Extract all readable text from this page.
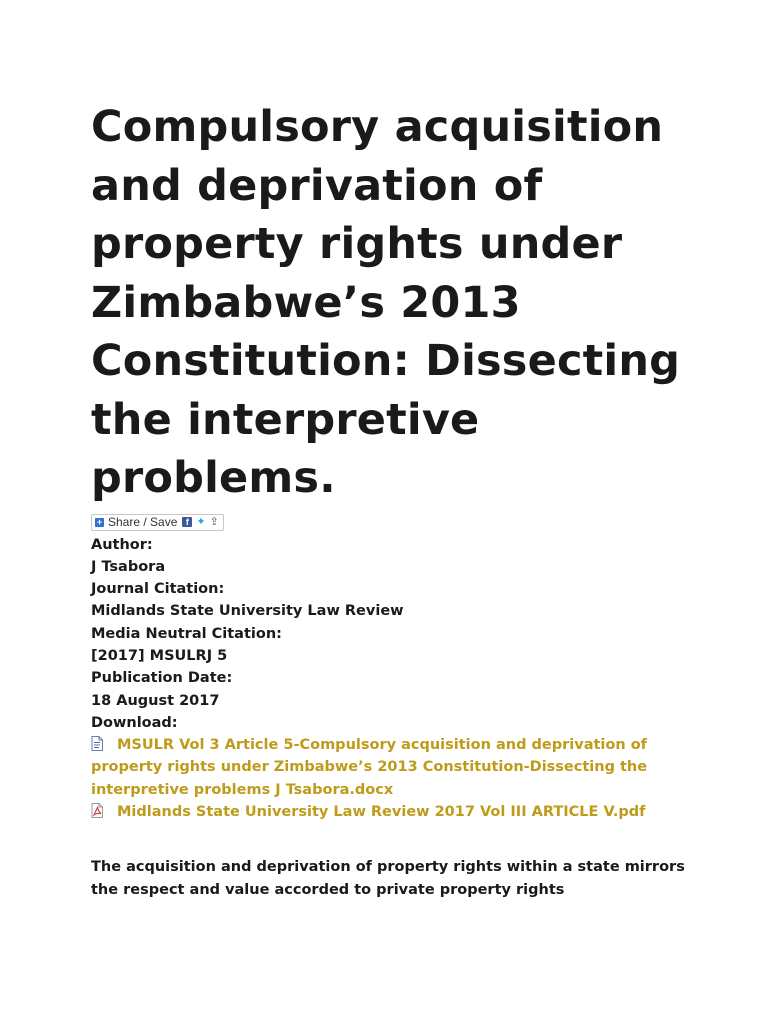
Compulsory acquisition and deprivation of property rights under Zimbabwe’s 2013 Constitution: Dissecting the interpretive problems.
+ Share / Save f ✦ ⇪
Author:
J Tsabora
Journal Citation:
Midlands State University Law Review
Media Neutral Citation:
[2017] MSULRJ 5
Publication Date:
18 August 2017
Download:
MSULR Vol 3 Article 5-Compulsory acquisition and deprivation of property rights under Zimbabwe’s 2013 Constitution-Dissecting the interpretive problems J Tsabora.docx
Midlands State University Law Review 2017 Vol III ARTICLE V.pdf
The acquisition and deprivation of property rights within a state mirrors the respect and value accorded to private property rights
